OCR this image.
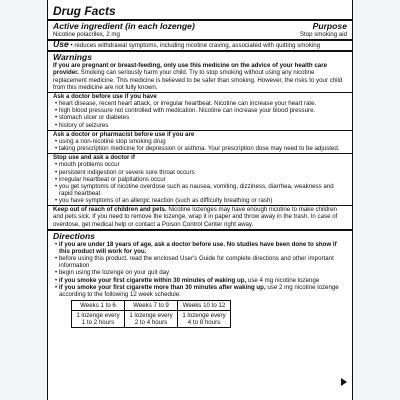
Drug Facts
Active ingredient (in each lozenge)	Purpose
Nicotine polacrilex, 2 mg	Stop smoking aid
Use • reduces withdrawal symptoms, including nicotine craving, associated with quitting smoking
Warnings
If you are pregnant or breast-feeding, only use this medicine on the advice of your health care provider. Smoking can seriously harm your child. Try to stop smoking without using any nicotine replacement medicine. This medicine is believed to be safer than smoking. However, the risks to your child from this medicine are not fully known.
Ask a doctor before use if you have
• heart disease, recent heart attack, or irregular heartbeat. Nicotine can increase your heart rate.
• high blood pressure not controlled with medication. Nicotine can increase your blood pressure.
• stomach ulcer or diabetes
• history of seizures
Ask a doctor or pharmacist before use if you are
• using a non-nicotine stop smoking drug
• taking prescription medicine for depression or asthma. Your prescription dose may need to be adjusted.
Stop use and ask a doctor if
• mouth problems occur
• persistent indigestion or severe sore throat occurs
• irregular heartbeat or palpitations occur
• you get symptoms of nicotine overdose such as nausea, vomiting, dizziness, diarrhea, weakness and rapid heartbeat
• you have symptoms of an allergic reaction (such as difficulty breathing or rash)
Keep out of reach of children and pets. Nicotine lozenges may have enough nicotine to make children and pets sick. If you need to remove the lozenge, wrap it in paper and throw away in the trash. In case of overdose, get medical help or contact a Poison Control Center right away.
Directions
• if you are under 18 years of age, ask a doctor before use. No studies have been done to show if this product will work for you.
• before using this product, read the enclosed User's Guide for complete directions and other important information
• begin using the lozenge on your quit day
• if you smoke your first cigarette within 30 minutes of waking up, use 4 mg nicotine lozenge
• if you smoke your first cigarette more than 30 minutes after waking up, use 2 mg nicotine lozenge according to the following 12 week schedule:
Weeks 1 to 6	Weeks 7 to 9	Weeks 10 to 12
1 lozenge every 1 to 2 hours	1 lozenge every 2 to 4 hours	1 lozenge every 4 to 8 hours
